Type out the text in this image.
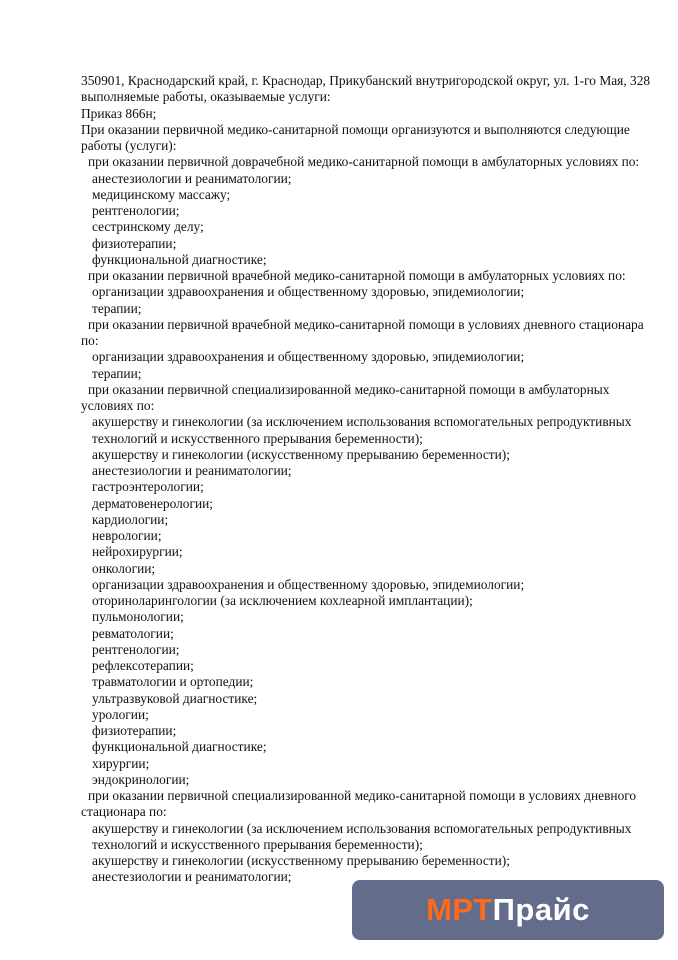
350901, Краснодарский край, г. Краснодар, Прикубанский внутригородской округ, ул. 1-го Мая, 328

выполняемые работы, оказываемые услуги:

Приказ 866н;

При оказании первичной медико-санитарной помощи организуются и выполняются следующие работы (услуги):

при оказании первичной доврачебной медико-санитарной помощи в амбулаторных условиях по:

анестезиологии и реаниматологии;

медицинскому массажу;

рентгенологии;

сестринскому делу;

физиотерапии;

функциональной диагностике;

при оказании первичной врачебной медико-санитарной помощи в амбулаторных условиях по:

организации здравоохранения и общественному здоровью, эпидемиологии;

терапии;

при оказании первичной врачебной медико-санитарной помощи в условиях дневного стационара по:

организации здравоохранения и общественному здоровью, эпидемиологии;

терапии;

при оказании первичной специализированной медико-санитарной помощи в амбулаторных условиях по:

акушерству и гинекологии (за исключением использования вспомогательных репродуктивных технологий и искусственного прерывания беременности);

акушерству и гинекологии (искусственному прерыванию беременности);

анестезиологии и реаниматологии;

гастроэнтерологии;

дерматовенерологии;

кардиологии;

неврологии;

нейрохирургии;

онкологии;

организации здравоохранения и общественному здоровью, эпидемиологии;

оториноларингологии (за исключением кохлеарной имплантации);

пульмонологии;

ревматологии;

рентгенологии;

рефлексотерапии;

травматологии и ортопедии;

ультразвуковой диагностике;

урологии;

физиотерапии;

функциональной диагностике;

хирургии;

эндокринологии;

при оказании первичной специализированной медико-санитарной помощи в условиях дневного стационара по:

акушерству и гинекологии (за исключением использования вспомогательных репродуктивных технологий и искусственного прерывания беременности);

акушерству и гинекологии (искусственному прерыванию беременности);

анестезиологии и реаниматологии;

МРТ Прайс
